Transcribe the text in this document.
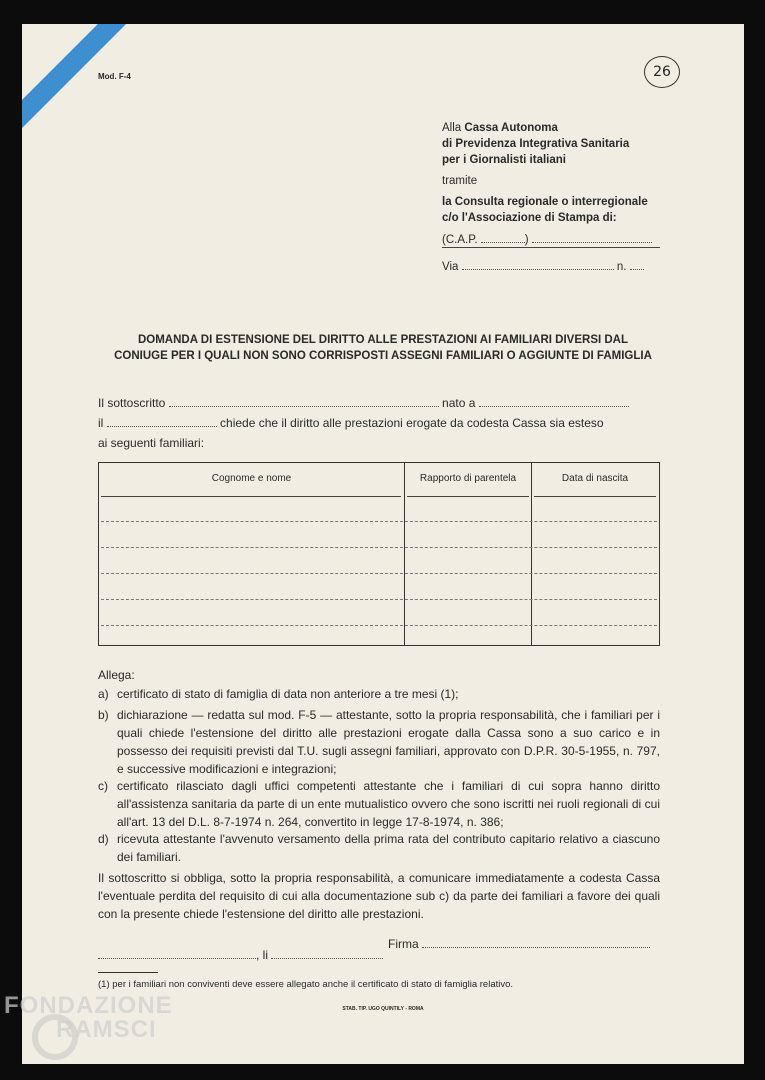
Mod. F-4	26
Alla Cassa Autonoma
di Previdenza Integrativa Sanitaria
per i Giornalisti italiani
tramite
la Consulta regionale o interregionale
c/o l'Associazione di Stampa di:
(C.A.P.	)
Via	n.
DOMANDA DI ESTENSIONE DEL DIRITTO ALLE PRESTAZIONI AI FAMILIARI DIVERSI DAL
CONIUGE PER I QUALI NON SONO CORRISPOSTI ASSEGNI FAMILIARI O AGGIUNTE DI FAMIGLIA
Il sottoscritto	nato a
il	chiede che il diritto alle prestazioni erogate da codesta Cassa sia esteso
ai seguenti familiari:
Cognome e nome	Rapporto di parentela	Data di nascita
Allega:
a) certificato di stato di famiglia di data non anteriore a tre mesi (1);
b) dichiarazione — redatta sul mod. F-5 — attestante, sotto la propria responsabilità, che i familiari per i quali chiede l'estensione del diritto alle prestazioni erogate dalla Cassa sono a suo carico e in possesso dei requisiti previsti dal T.U. sugli assegni familiari, approvato con D.P.R. 30-5-1955, n. 797, e successive modificazioni e integrazioni;
c) certificato rilasciato dagli uffici competenti attestante che i familiari di cui sopra hanno diritto all'assistenza sanitaria da parte di un ente mutualistico ovvero che sono iscritti nei ruoli regionali di cui all'art. 13 del D.L. 8-7-1974 n. 264, convertito in legge 17-8-1974, n. 386;
d) ricevuta attestante l'avvenuto versamento della prima rata del contributo capitario relativo a ciascuno dei familiari.
Il sottoscritto si obbliga, sotto la propria responsabilità, a comunicare immediatamente a codesta Cassa l'eventuale perdita del requisito di cui alla documentazione sub c) da parte dei familiari a favore dei quali con la presente chiede l'estensione del diritto alle prestazioni.
Firma
, li
(1) per i familiari non conviventi deve essere allegato anche il certificato di stato di famiglia relativo.
STAB. TIP. UGO QUINTILY - ROMA
FONDAZIONE
RAMSCI
